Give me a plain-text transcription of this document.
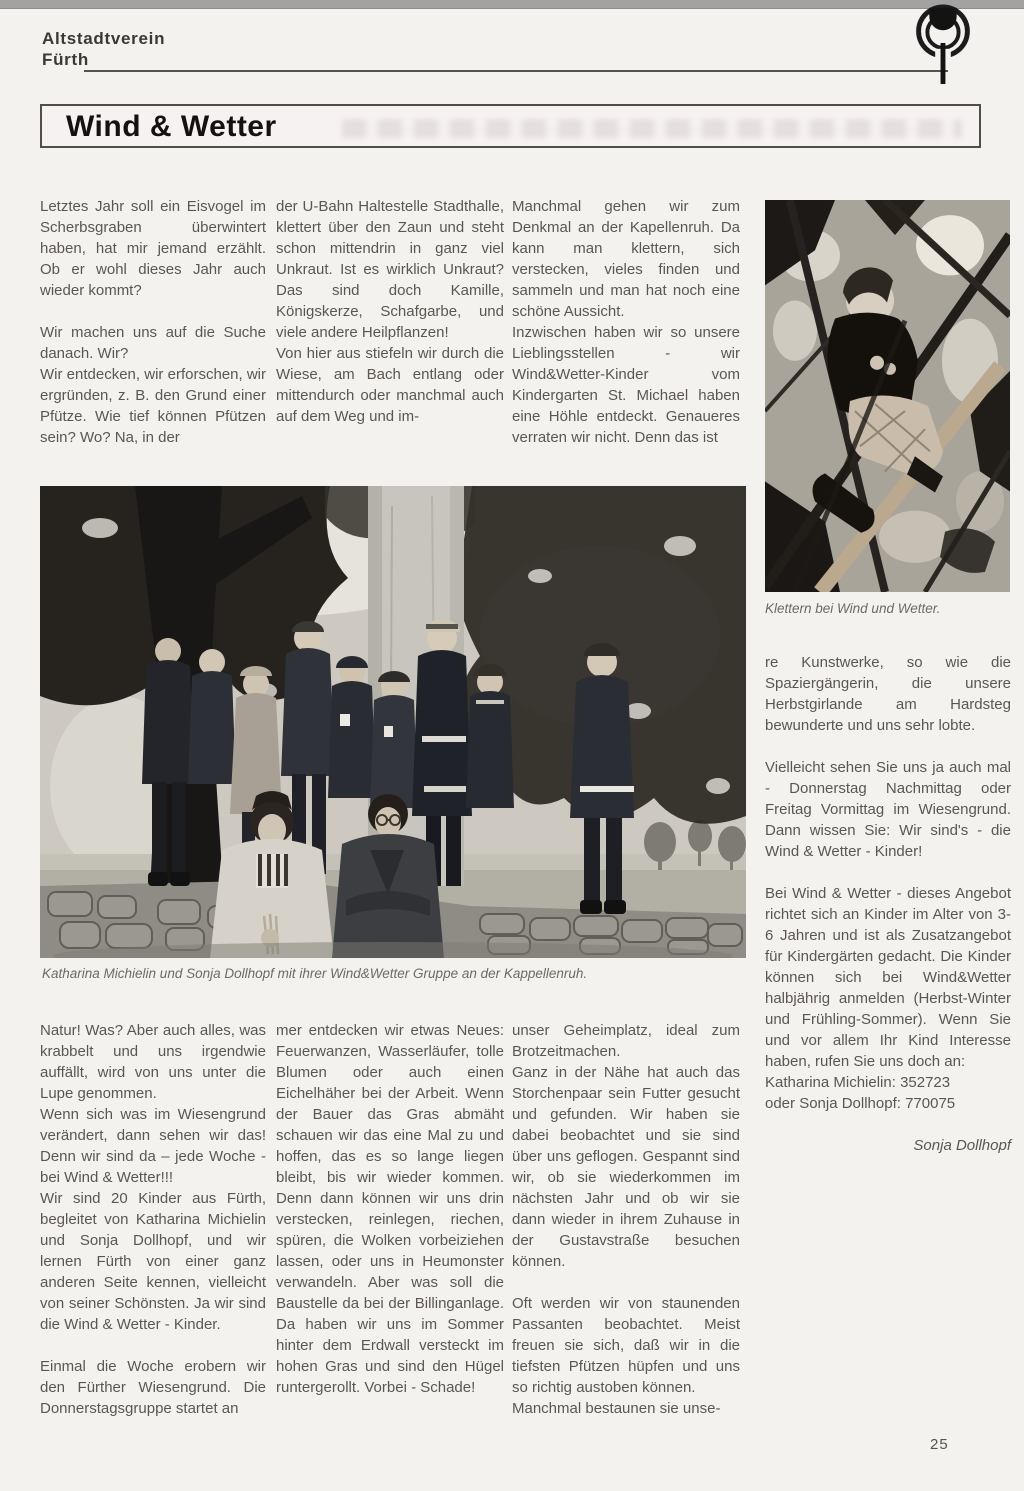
Altstadtverein
Fürth
Wind & Wetter

Letztes Jahr soll ein Eisvogel im Scherbsgraben überwintert haben, hat mir jemand erzählt. Ob er wohl dieses Jahr auch wieder kommt?

Wir machen uns auf die Suche danach. Wir?

Wir entdecken, wir erforschen, wir ergründen, z. B. den Grund einer Pfütze. Wie tief können Pfützen sein? Wo? Na, in der

der U-Bahn Haltestelle Stadthalle, klettert über den Zaun und steht schon mittendrin in ganz viel Unkraut. Ist es wirklich Unkraut? Das sind doch Kamille, Königskerze, Schafgarbe, und viele andere Heilpflanzen!

Von hier aus stiefeln wir durch die Wiese, am Bach entlang oder mittendurch oder manchmal auch auf dem Weg und im-

Manchmal gehen wir zum Denkmal an der Kapellenruh. Da kann man klettern, sich verstecken, vieles finden und sammeln und man hat noch eine schöne Aussicht.

Inzwischen haben wir so unsere Lieblingsstellen - wir Wind&Wetter-Kinder vom Kindergarten St. Michael haben eine Höhle entdeckt. Genaueres verraten wir nicht. Denn das ist

Klettern bei Wind und Wetter.
Katharina Michielin und Sonja Dollhopf mit ihrer Wind&Wetter Gruppe an der Kappellenruh.

re Kunstwerke, so wie die Spaziergängerin, die unsere Herbstgirlande am Hardsteg bewunderte und uns sehr lobte.

Vielleicht sehen Sie uns ja auch mal - Donnerstag Nachmittag oder Freitag Vormittag im Wiesengrund. Dann wissen Sie: Wir sind's - die Wind & Wetter - Kinder!

Bei Wind & Wetter - dieses Angebot richtet sich an Kinder im Alter von 3-6 Jahren und ist als Zusatzangebot für Kindergärten gedacht. Die Kinder können sich bei Wind&Wetter halbjährig anmelden (Herbst-Winter und Frühling-Sommer). Wenn Sie und vor allem Ihr Kind Interesse haben, rufen Sie uns doch an:

Katharina Michielin: 352723

oder Sonja Dollhopf: 770075

Sonja Dollhopf

Natur! Was? Aber auch alles, was krabbelt und uns irgendwie auffällt, wird von uns unter die Lupe genommen.

Wenn sich was im Wiesengrund verändert, dann sehen wir das! Denn wir sind da – jede Woche - bei Wind & Wetter!!!

Wir sind 20 Kinder aus Fürth, begleitet von Katharina Michielin und Sonja Dollhopf, und wir lernen Fürth von einer ganz anderen Seite kennen, vielleicht von seiner Schönsten. Ja wir sind die Wind & Wetter - Kinder.

Einmal die Woche erobern wir den Fürther Wiesengrund. Die Donnerstagsgruppe startet an

mer entdecken wir etwas Neues: Feuerwanzen, Wasserläufer, tolle Blumen oder auch einen Eichelhäher bei der Arbeit. Wenn der Bauer das Gras abmäht schauen wir das eine Mal zu und hoffen, das es so lange liegen bleibt, bis wir wieder kommen. Denn dann können wir uns drin verstecken, reinlegen, riechen, spüren, die Wolken vorbeiziehen lassen, oder uns in Heumonster verwandeln. Aber was soll die Baustelle da bei der Billinganlage. Da haben wir uns im Sommer hinter dem Erdwall versteckt im hohen Gras und sind den Hügel runtergerollt. Vorbei - Schade!

unser Geheimplatz, ideal zum Brotzeitmachen.

Ganz in der Nähe hat auch das Storchenpaar sein Futter gesucht und gefunden. Wir haben sie dabei beobachtet und sie sind über uns geflogen. Gespannt sind wir, ob sie wiederkommen im nächsten Jahr und ob wir sie dann wieder in ihrem Zuhause in der Gustavstraße besuchen können.

Oft werden wir von staunenden Passanten beobachtet. Meist freuen sie sich, daß wir in die tiefsten Pfützen hüpfen und uns so richtig austoben können.

Manchmal bestaunen sie unse-

25
